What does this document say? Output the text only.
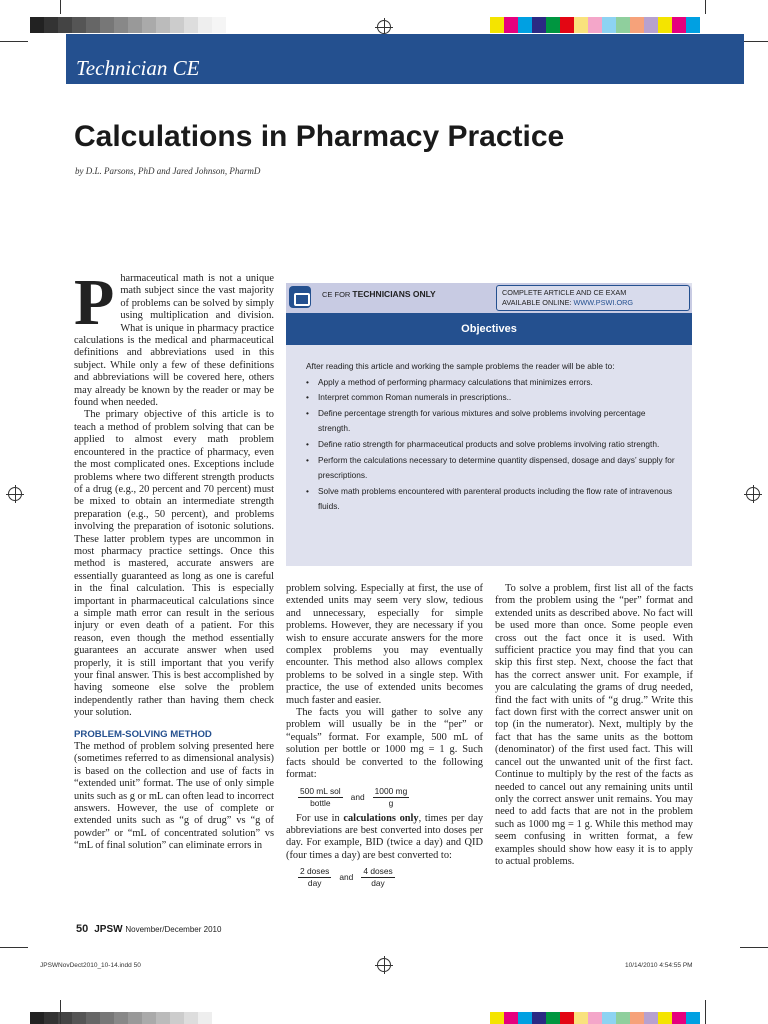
Technician CE
Calculations in Pharmacy Practice
by D.L. Parsons, PhD and Jared Johnson, PharmD

Pharmaceutical math is not a unique math subject since the vast majority of problems can be solved by simply using multiplication and division. What is unique in pharmacy practice calculations is the medical and pharmaceutical definitions and abbreviations used in this subject. While only a few of these definitions and abbreviations will be covered here, others may already be known by the reader or may be found when needed.

The primary objective of this article is to teach a method of problem solving that can be applied to almost every math problem encountered in the practice of pharmacy, even the most complicated ones. Exceptions include problems where two different strength products of a drug (e.g., 20 percent and 70 percent) must be mixed to obtain an intermediate strength preparation (e.g., 50 percent), and problems involving the preparation of isotonic solutions. These latter problem types are uncommon in most pharmacy practice settings. Once this method is mastered, accurate answers are essentially guaranteed as long as one is careful in the final calculation. This is especially important in pharmaceutical calculations since a simple math error can result in the serious injury or even death of a patient. For this reason, even though the method essentially guarantees an accurate answer when used properly, it is still important that you verify your final answer. This is best accomplished by having someone else solve the problem independently rather than having them check your solution.

PROBLEM-SOLVING METHOD

The method of problem solving presented here (sometimes referred to as dimensional analysis) is based on the collection and use of facts in “extended unit” format. The use of only simple units such as g or mL can often lead to incorrect answers. However, the use of complete or extended units such as “g of drug” vs “g of powder” or “mL of concentrated solution” vs “mL of final solution” can eliminate errors in

CE FOR TECHNICIANS ONLY	COMPLETE ARTICLE AND CE EXAM
AVAILABLE ONLINE: WWW.PSWI.ORG
Objectives
After reading this article and working the sample problems the reader will be able to:
• Apply a method of performing pharmacy calculations that minimizes errors.
• Interpret common Roman numerals in prescriptions..
• Define percentage strength for various mixtures and solve problems involving percentage strength.
• Define ratio strength for pharmaceutical products and solve problems involving ratio strength.
• Perform the calculations necessary to determine quantity dispensed, dosage and days’ supply for prescriptions.
• Solve math problems encountered with parenteral products including the flow rate of intravenous fluids.

problem solving. Especially at first, the use of extended units may seem very slow, tedious and unnecessary, especially for simple problems. However, they are necessary if you wish to ensure accurate answers for the more complex problems you may eventually encounter. This method also allows complex problems to be solved in a single step. With practice, the use of extended units becomes much faster and easier.

The facts you will gather to solve any problem will usually be in the “per” or “equals” format. For example, 500 mL of solution per bottle or 1000 mg = 1 g. Such facts should be converted to the following format:

$\frac{\text{500 mL sol}}{\text{bottle}}$ and $\frac{1000 mg}{g}$

For use in calculations only, times per day abbreviations are best converted into doses per day. For example, BID (twice a day) and QID (four times a day) are best converted to:

$\frac{\text{2 doses}}{\text{day}}$ and $\frac{\text{4 doses}}{\text{day}}$

To solve a problem, first list all of the facts from the problem using the “per” format and extended units as described above. No fact will be used more than once. Some people even cross out the fact once it is used. With sufficient practice you may find that you can skip this first step. Next, choose the fact that has the correct answer unit. For example, if you are calculating the grams of drug needed, find the fact with units of “g drug.” Write this fact down first with the correct answer unit on top (in the numerator). Next, multiply by the fact that has the same units as the bottom (denominator) of the first used fact. This will cancel out the unwanted unit of the first fact. Continue to multiply by the rest of the facts as needed to cancel out any remaining units until only the correct answer unit remains. You may need to add facts that are not in the problem such as 1000 mg = 1 g. While this method may seem confusing in written format, a few examples should show how easy it is to apply to actual problems.

50 JPSW November/December 2010
JPSWNovDect2010_10-14.indd 50	10/14/2010 4:54:55 PM
